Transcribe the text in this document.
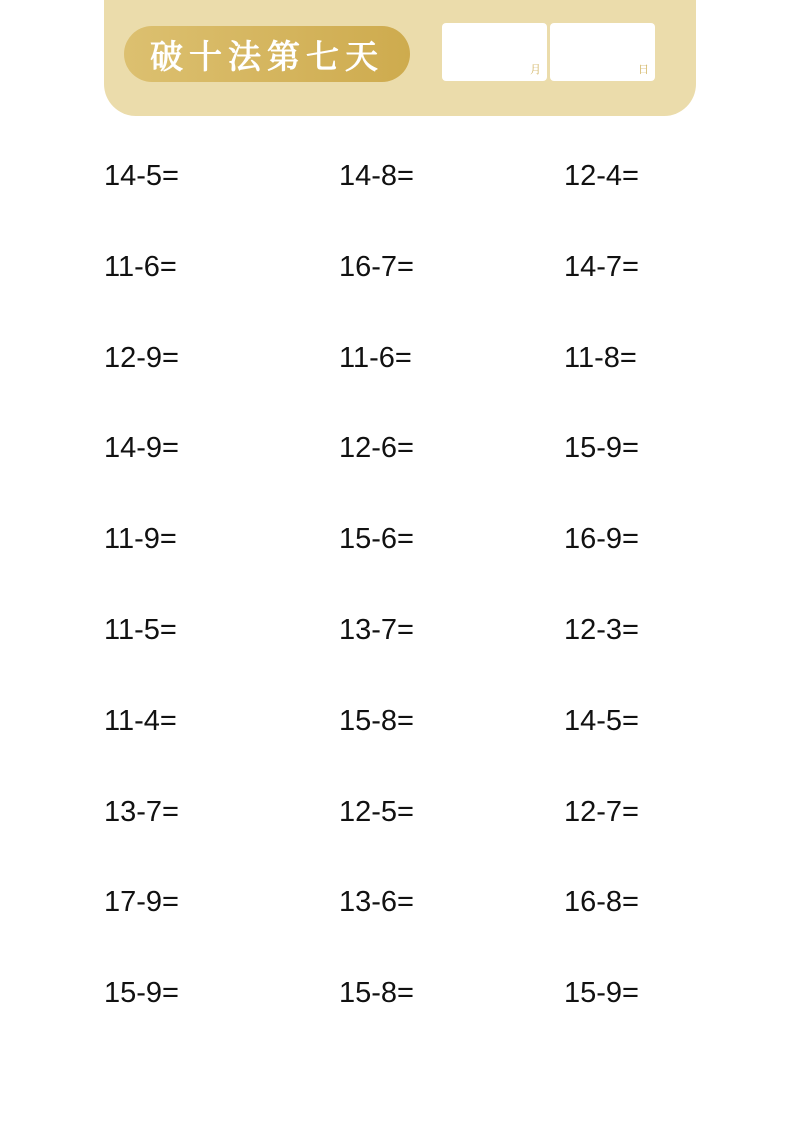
破十法第七天	月	日
14-5=	14-8=	12-4=
11-6=	16-7=	14-7=
12-9=	11-6=	11-8=
14-9=	12-6=	15-9=
11-9=	15-6=	16-9=
11-5=	13-7=	12-3=
11-4=	15-8=	14-5=
13-7=	12-5=	12-7=
17-9=	13-6=	16-8=
15-9=	15-8=	15-9=
